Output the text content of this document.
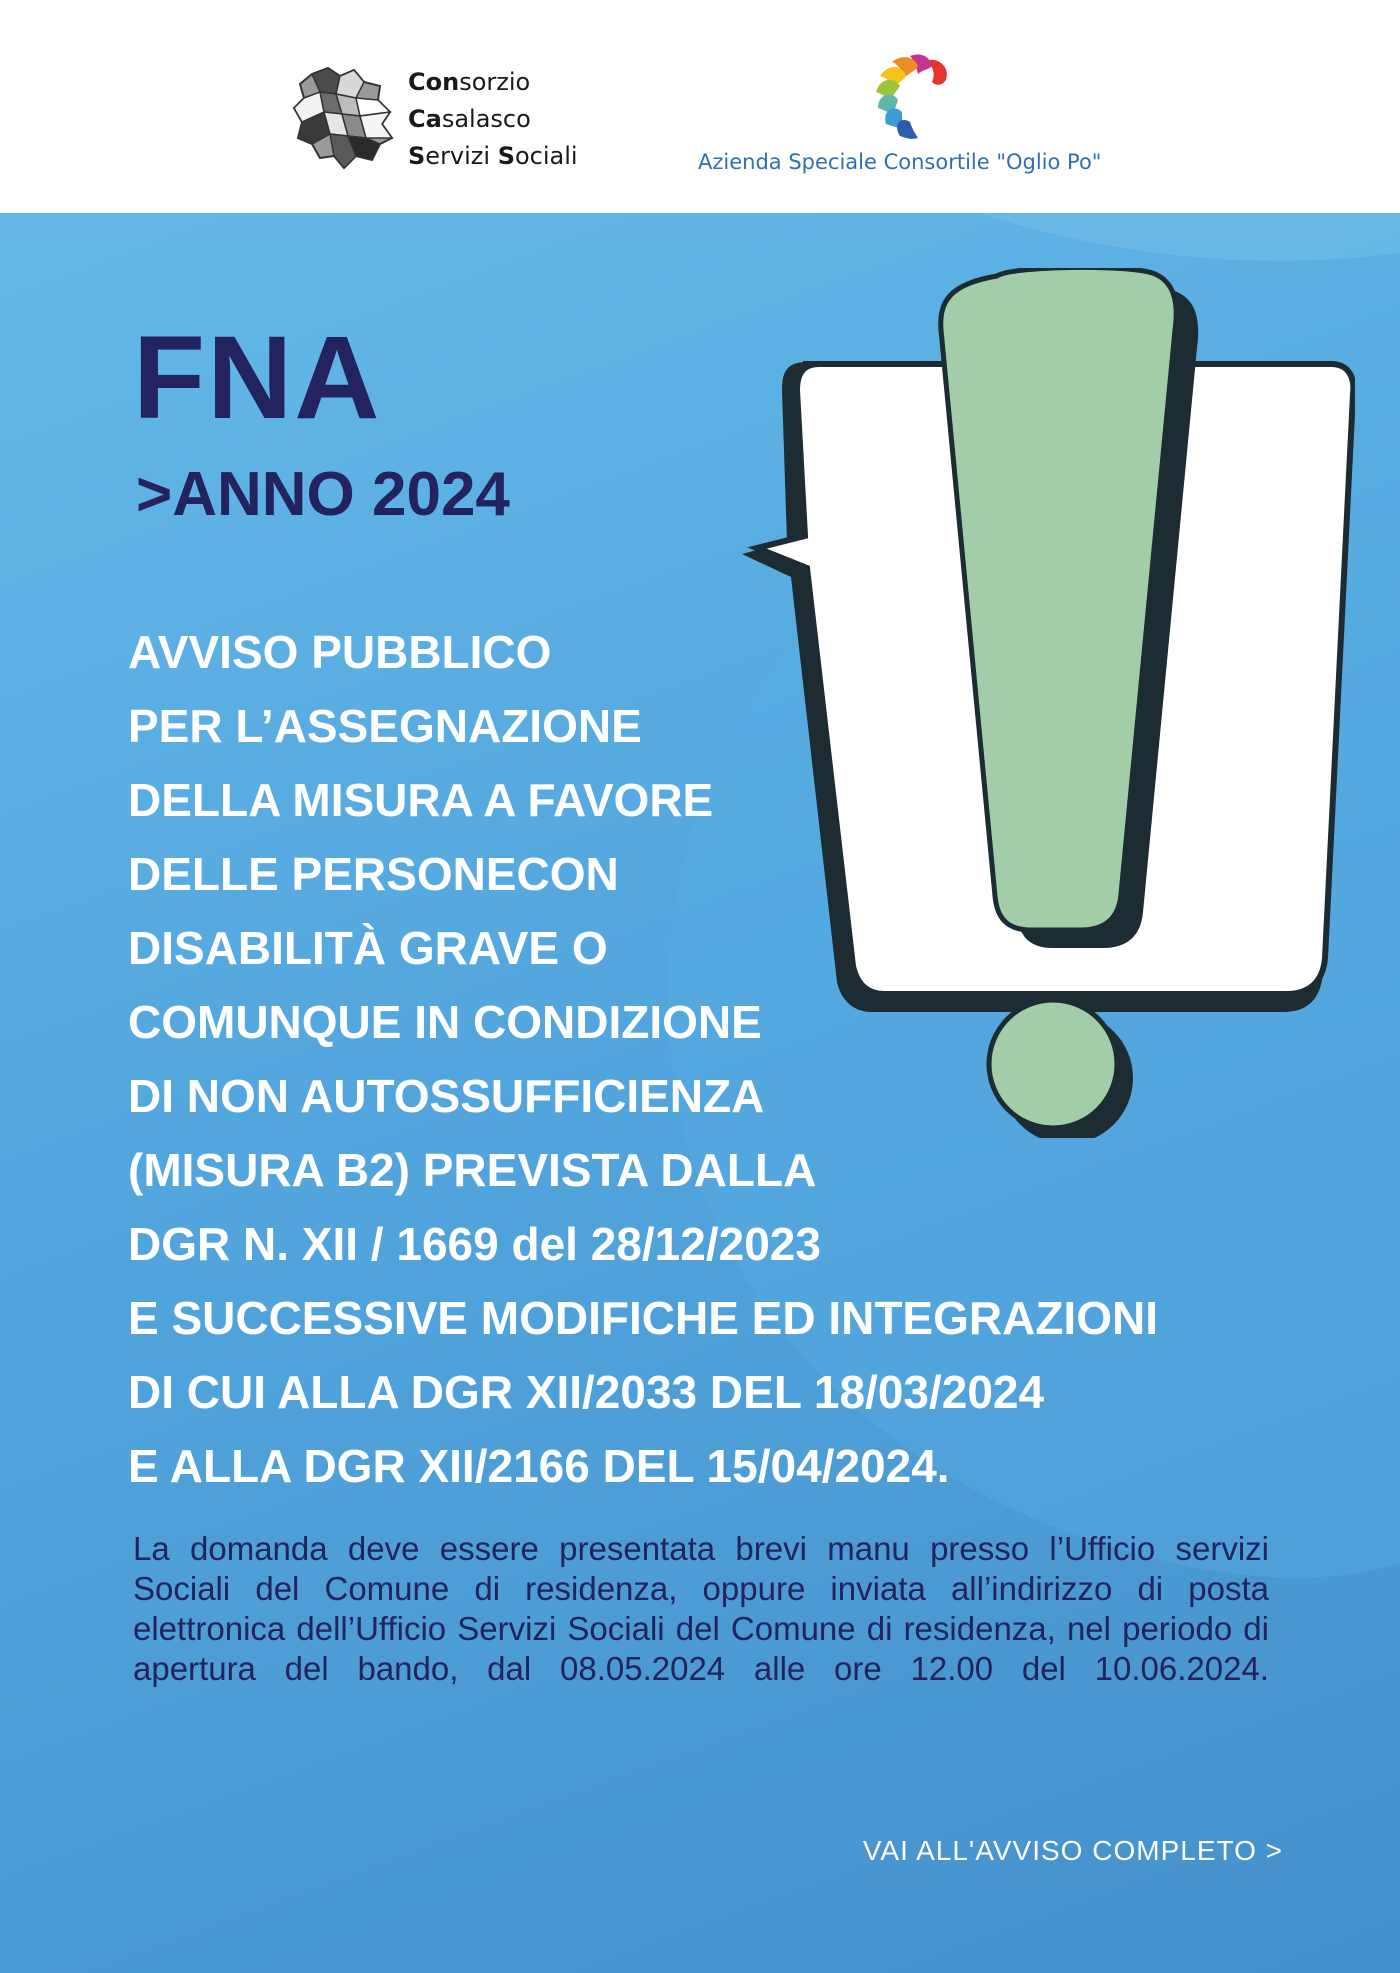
Consorzio
Casalasco
Servizi Sociali	Azienda Speciale Consortile "Oglio Po"
FNA
>ANNO 2024
AVVISO PUBBLICO
PER L’ASSEGNAZIONE
DELLA MISURA A FAVORE
DELLE PERSONECON
DISABILITÀ GRAVE O
COMUNQUE IN CONDIZIONE
DI NON AUTOSSUFFICIENZA
(MISURA B2) PREVISTA DALLA
DGR N. XII / 1669 del 28/12/2023
E SUCCESSIVE MODIFICHE ED INTEGRAZIONI
DI CUI ALLA DGR XII/2033 DEL 18/03/2024
E ALLA DGR XII/2166 DEL 15/04/2024.
La domanda deve essere presentata brevi manu presso l’Ufficio servizi Sociali del Comune di residenza, oppure inviata all’indirizzo di posta elettronica dell’Ufficio Servizi Sociali del Comune di residenza, nel periodo di apertura del bando, dal 08.05.2024 alle ore 12.00 del 10.06.2024.
VAI ALL'AVVISO COMPLETO >
